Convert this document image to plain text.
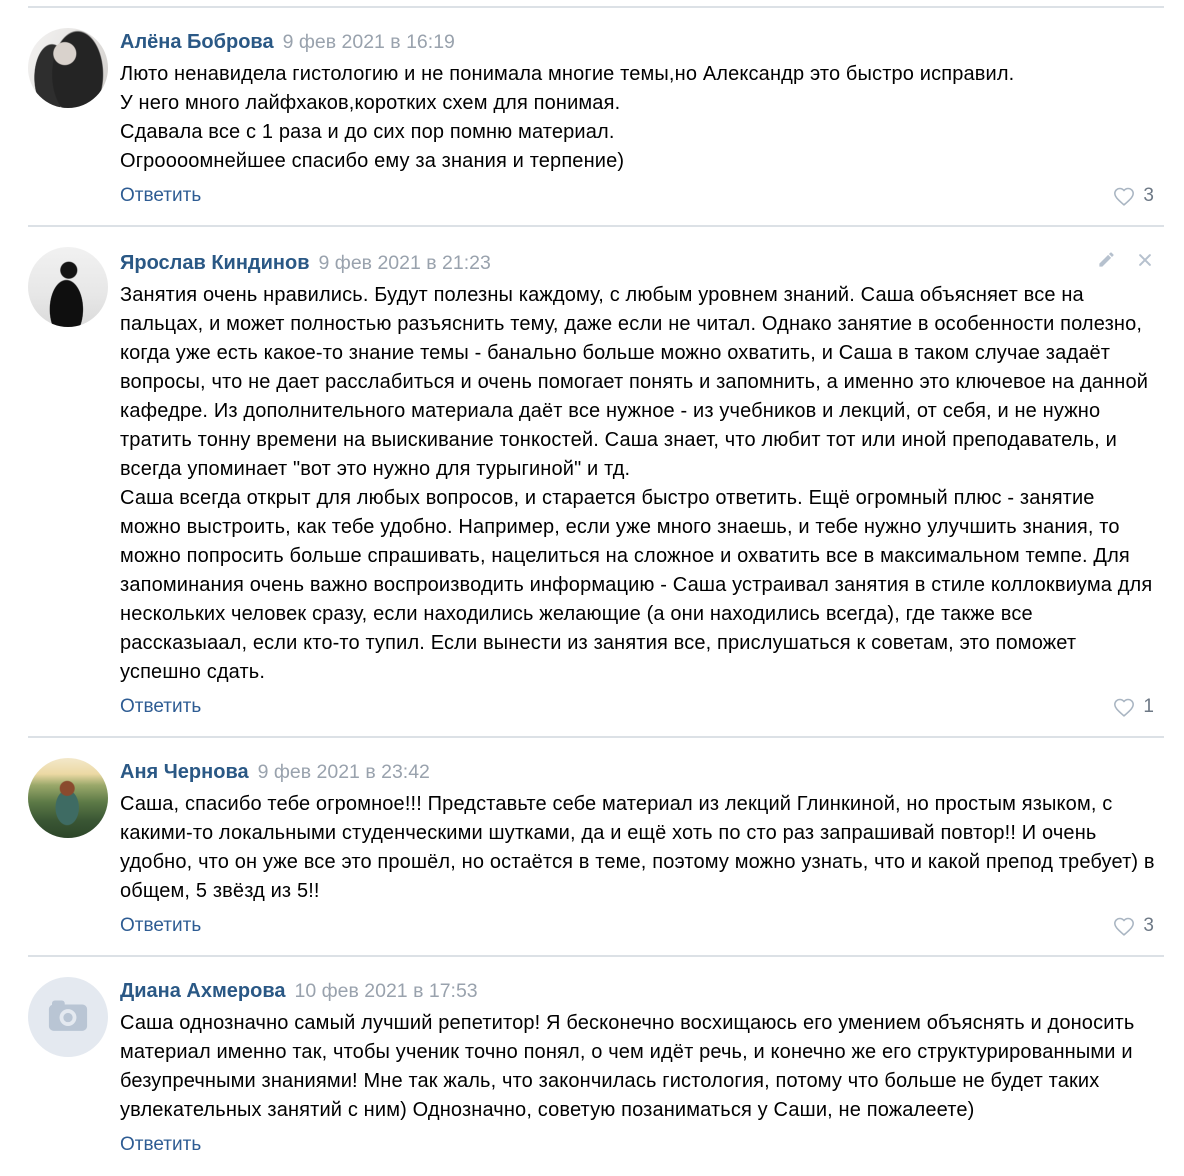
Алёна Боброва 9 фев 2021 в 16:19

Люто ненавидела гистологию и не понимала многие темы,но Александр это быстро исправил.

У него много лайфхаков,коротких схем для понимая.

Сдавала все с 1 раза и до сих пор помню материал.

Огроооомнейшее спасибо ему за знания и терпение)

Ответить	3
Ярослав Киндинов 9 фев 2021 в 21:23

Занятия очень нравились. Будут полезны каждому, с любым уровнем знаний. Саша объясняет все на пальцах, и может полностью разъяснить тему, даже если не читал. Однако занятие в особенности полезно, когда уже есть какое-то знание темы - банально больше можно охватить, и Саша в таком случае задаёт вопросы, что не дает расслабиться и очень помогает понять и запомнить, а именно это ключевое на данной кафедре. Из дополнительного материала даёт все нужное - из учебников и лекций, от себя, и не нужно тратить тонну времени на выискивание тонкостей. Саша знает, что любит тот или иной преподаватель, и всегда упоминает "вот это нужно для турыгиной" и тд.

Саша всегда открыт для любых вопросов, и старается быстро ответить. Ещё огромный плюс - занятие можно выстроить, как тебе удобно. Например, если уже много знаешь, и тебе нужно улучшить знания, то можно попросить больше спрашивать, нацелиться на сложное и охватить все в максимальном темпе. Для запоминания очень важно воспроизводить информацию - Саша устраивал занятия в стиле коллоквиума для нескольких человек сразу, если находились желающие (а они находились всегда), где также все рассказыаал, если кто-то тупил. Если вынести из занятия все, прислушаться к советам, это поможет успешно сдать.

Ответить	1
Аня Чернова 9 фев 2021 в 23:42

Саша, спасибо тебе огромное!!! Представьте себе материал из лекций Глинкиной, но простым языком, с какими-то локальными студенческими шутками, да и ещё хоть по сто раз запрашивай повтор!! И очень удобно, что он уже все это прошёл, но остаётся в теме, поэтому можно узнать, что и какой препод требует) в общем, 5 звёзд из 5!!

Ответить	3
Диана Ахмерова 10 фев 2021 в 17:53

Саша однозначно самый лучший репетитор! Я бесконечно восхищаюсь его умением объяснять и доносить материал именно так, чтобы ученик точно понял, о чем идёт речь, и конечно же его структурированными и безупречными знаниями! Мне так жаль, что закончилась гистология, потому что больше не будет таких увлекательных занятий с ним) Однозначно, советую позаниматься у Саши, не пожалеете)

Ответить
